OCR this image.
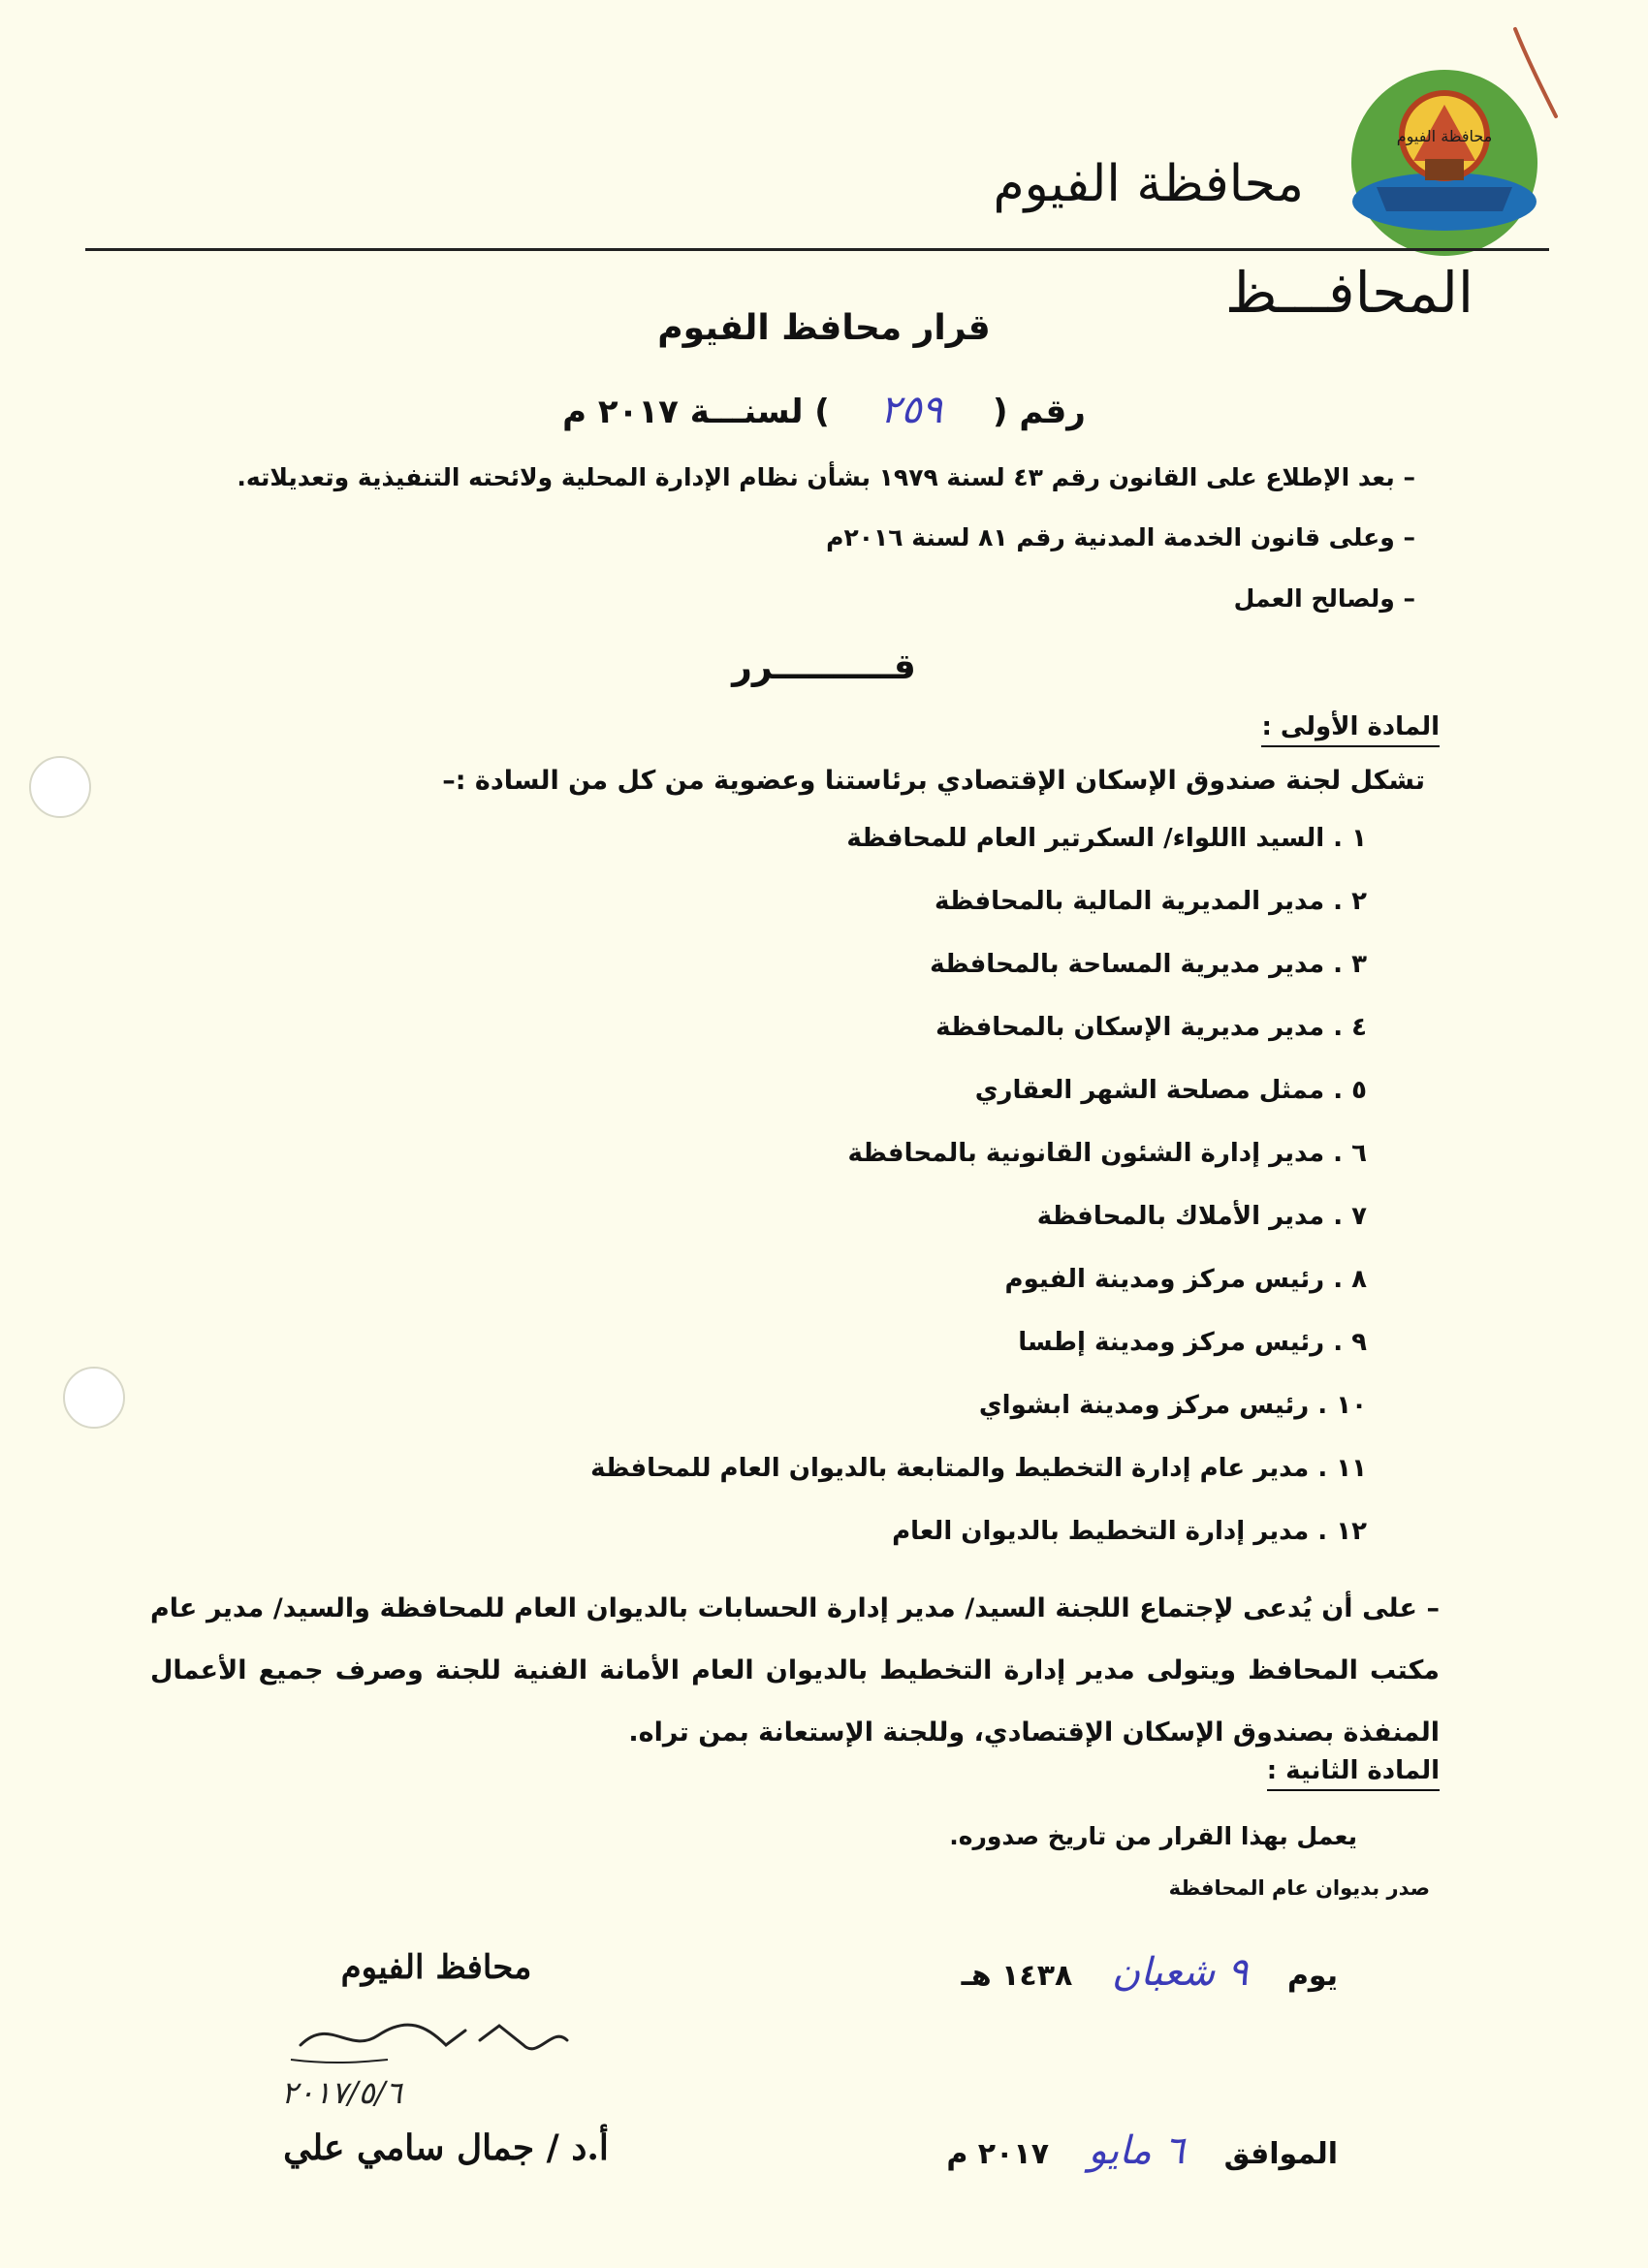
محافظة الفيوم
محافظة الفيوم
المحافـــظ
قرار محافظ الفيوم
رقم ( ٢٥٩ ) لسنـــة ٢٠١٧ م
– بعد الإطلاع على القانون رقم ٤٣ لسنة ١٩٧٩ بشأن نظام الإدارة المحلية ولائحته التنفيذية وتعديلاته.
– وعلى قانون الخدمة المدنية رقم ٨١ لسنة ٢٠١٦م
– ولصالح العمل
قــــــــــرر
المادة الأولى :
تشكل لجنة صندوق الإسكان الإقتصادي برئاستنا وعضوية من كل من السادة :–
١ . السيد االلواء/ السكرتير العام للمحافظة
٢ . مدير المديرية المالية بالمحافظة
٣ . مدير مديرية المساحة بالمحافظة
٤ . مدير مديرية الإسكان بالمحافظة
٥ . ممثل مصلحة الشهر العقاري
٦ . مدير إدارة الشئون القانونية بالمحافظة
٧ . مدير الأملاك بالمحافظة
٨ . رئيس مركز ومدينة الفيوم
٩ . رئيس مركز ومدينة إطسا
١٠ . رئيس مركز ومدينة ابشواي
١١ . مدير عام إدارة التخطيط والمتابعة بالديوان العام للمحافظة
١٢ . مدير إدارة التخطيط بالديوان العام
– على أن يُدعى لإجتماع اللجنة السيد/ مدير إدارة الحسابات بالديوان العام للمحافظة والسيد/ مدير عام مكتب المحافظ ويتولى مدير إدارة التخطيط بالديوان العام الأمانة الفنية للجنة وصرف جميع الأعمال المنفذة بصندوق الإسكان الإقتصادي، وللجنة الإستعانة بمن تراه.
المادة الثانية :
يعمل بهذا القرار من تاريخ صدوره.
صدر بديوان عام المحافظة
يوم ٩ شعبان ١٤٣٨ هـ
الموافق ٦ مايو ٢٠١٧ م
محافظ الفيوم
٢٠١٧/٥/٦
أ.د / جمال سامي علي
